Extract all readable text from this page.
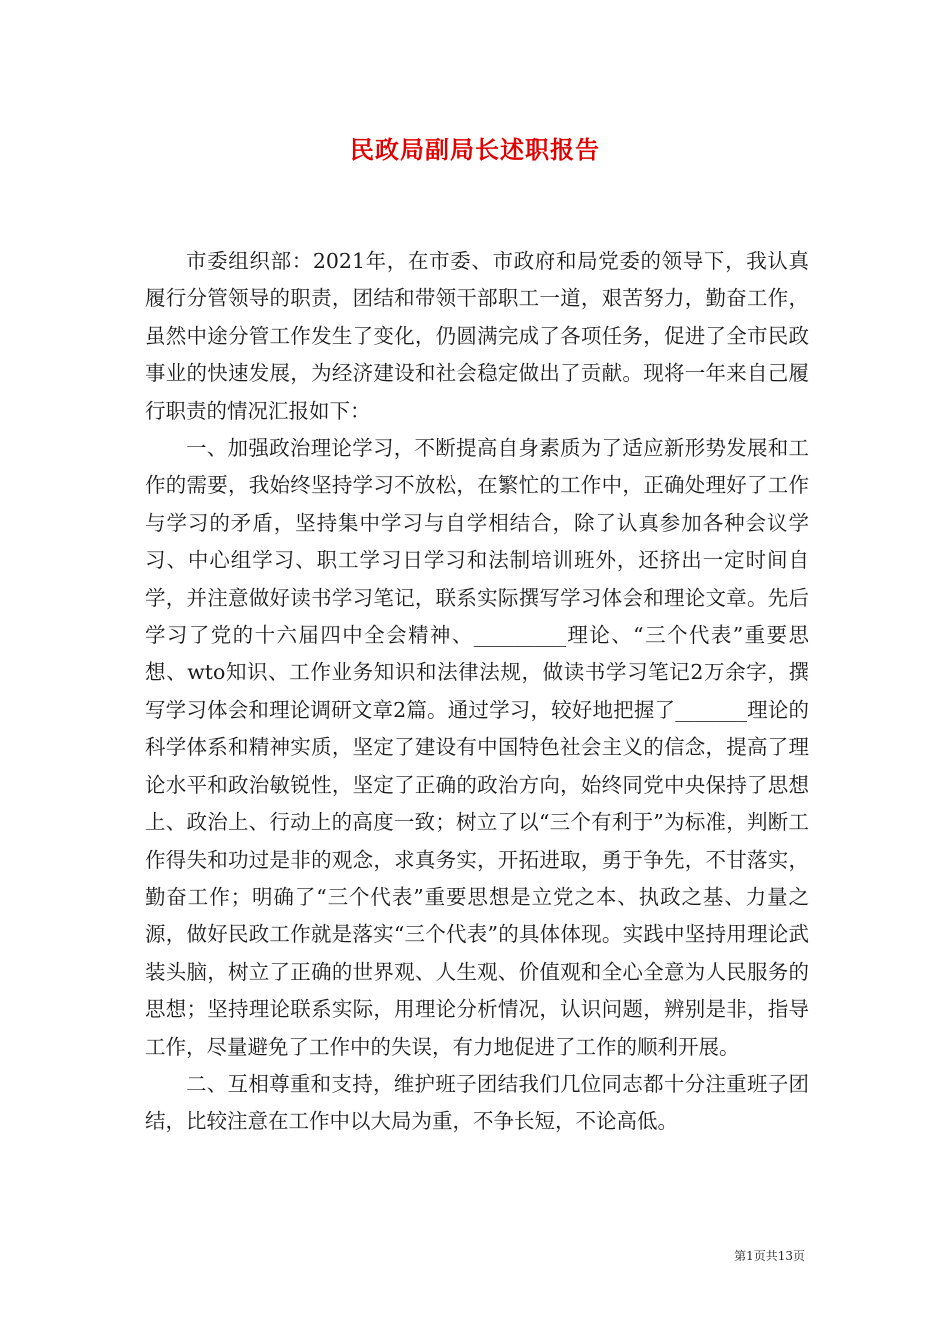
民政局副局长述职报告

市委组织部：2021年，在市委、市政府和局党委的领导下，我认真履行分管领导的职责，团结和带领干部职工一道，艰苦努力，勤奋工作，虽然中途分管工作发生了变化，仍圆满完成了各项任务，促进了全市民政事业的快速发展，为经济建设和社会稳定做出了贡献。现将一年来自己履行职责的情况汇报如下：

一、加强政治理论学习，不断提高自身素质为了适应新形势发展和工作的需要，我始终坚持学习不放松，在繁忙的工作中，正确处理好了工作与学习的矛盾，坚持集中学习与自学相结合，除了认真参加各种会议学习、中心组学习、职工学习日学习和法制培训班外，还挤出一定时间自学，并注意做好读书学习笔记，联系实际撰写学习体会和理论文章。先后学习了党的十六届四中全会精神、_________理论、“三个代表”重要思想、wto知识、工作业务知识和法律法规，做读书学习笔记2万余字，撰写学习体会和理论调研文章2篇。通过学习，较好地把握了_______理论的科学体系和精神实质，坚定了建设有中国特色社会主义的信念，提高了理论水平和政治敏锐性，坚定了正确的政治方向，始终同党中央保持了思想上、政治上、行动上的高度一致；树立了以“三个有利于”为标准，判断工作得失和功过是非的观念，求真务实，开拓进取，勇于争先，不甘落实，勤奋工作；明确了“三个代表”重要思想是立党之本、执政之基、力量之源，做好民政工作就是落实“三个代表”的具体体现。实践中坚持用理论武装头脑，树立了正确的世界观、人生观、价值观和全心全意为人民服务的思想；坚持理论联系实际，用理论分析情况，认识问题，辨别是非，指导工作，尽量避免了工作中的失误，有力地促进了工作的顺利开展。

二、互相尊重和支持，维护班子团结我们几位同志都十分注重班子团结，比较注意在工作中以大局为重，不争长短，不论高低。

第1页共13页
